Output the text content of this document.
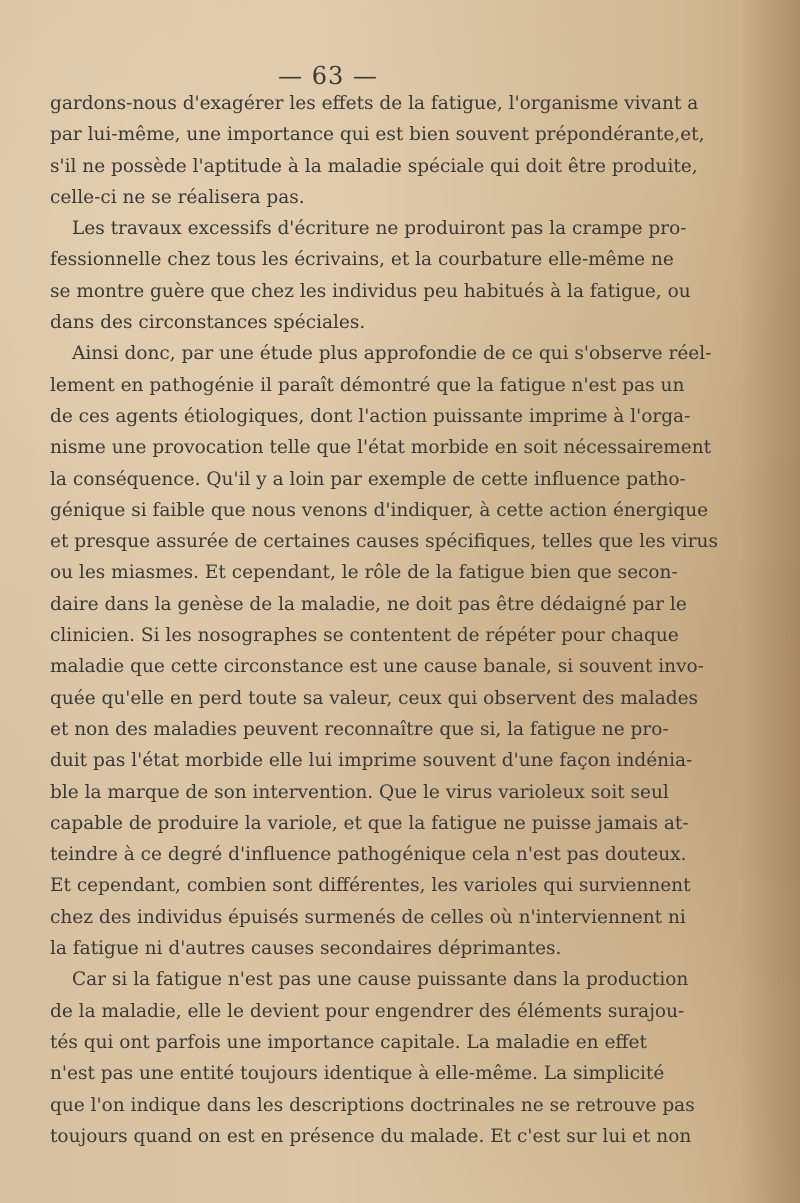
— 63 —
gardons-nous d'exagérer les effets de la fatigue, l'organisme vivant a
par lui-même, une importance qui est bien souvent prépondérante,et,
s'il ne possède l'aptitude à la maladie spéciale qui doit être produite,
celle-ci ne se réalisera pas.
Les travaux excessifs d'écriture ne produiront pas la crampe pro-
fessionnelle chez tous les écrivains, et la courbature elle-même ne
se montre guère que chez les individus peu habitués à la fatigue, ou
dans des circonstances spéciales.
Ainsi donc, par une étude plus approfondie de ce qui s'observe réel-
lement en pathogénie il paraît démontré que la fatigue n'est pas un
de ces agents étiologiques, dont l'action puissante imprime à l'orga-
nisme une provocation telle que l'état morbide en soit nécessairement
la conséquence. Qu'il y a loin par exemple de cette influence patho-
génique si faible que nous venons d'indiquer, à cette action énergique
et presque assurée de certaines causes spécifiques, telles que les virus
ou les miasmes. Et cependant, le rôle de la fatigue bien que secon-
daire dans la genèse de la maladie, ne doit pas être dédaigné par le
clinicien. Si les nosographes se contentent de répéter pour chaque
maladie que cette circonstance est une cause banale, si souvent invo-
quée qu'elle en perd toute sa valeur, ceux qui observent des malades
et non des maladies peuvent reconnaître que si, la fatigue ne pro-
duit pas l'état morbide elle lui imprime souvent d'une façon indénia-
ble la marque de son intervention. Que le virus varioleux soit seul
capable de produire la variole, et que la fatigue ne puisse jamais at-
teindre à ce degré d'influence pathogénique cela n'est pas douteux.
Et cependant, combien sont différentes, les varioles qui surviennent
chez des individus épuisés surmenés de celles où n'interviennent ni
la fatigue ni d'autres causes secondaires déprimantes.
Car si la fatigue n'est pas une cause puissante dans la production
de la maladie, elle le devient pour engendrer des éléments surajou-
tés qui ont parfois une importance capitale. La maladie en effet
n'est pas une entité toujours identique à elle-même. La simplicité
que l'on indique dans les descriptions doctrinales ne se retrouve pas
toujours quand on est en présence du malade. Et c'est sur lui et non
